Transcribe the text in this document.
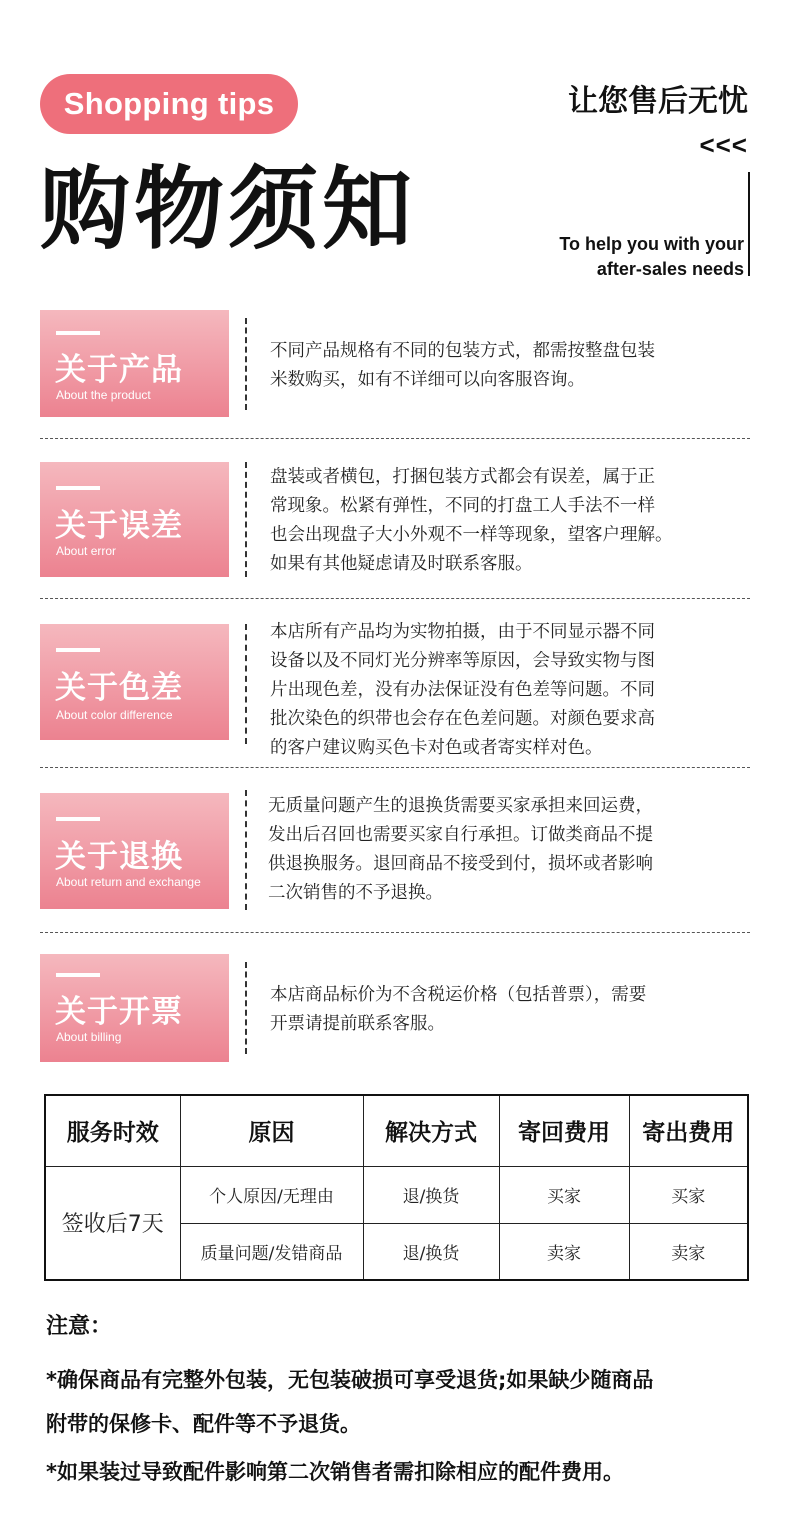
Shopping tips
购物须知
让您售后无忧
<<<
To help you with your
after-sales needs
关于产品
About the product
不同产品规格有不同的包装方式，都需按整盘包装
米数购买，如有不详细可以向客服咨询。
关于误差
About error
盘装或者横包，打捆包装方式都会有误差，属于正
常现象。松紧有弹性，不同的打盘工人手法不一样
也会出现盘子大小外观不一样等现象，望客户理解。
如果有其他疑虑请及时联系客服。
关于色差
About color difference
本店所有产品均为实物拍摄，由于不同显示器不同
设备以及不同灯光分辨率等原因，会导致实物与图
片出现色差，没有办法保证没有色差等问题。不同
批次染色的织带也会存在色差问题。对颜色要求高
的客户建议购买色卡对色或者寄实样对色。
关于退换
About return and exchange
无质量问题产生的退换货需要买家承担来回运费，
发出后召回也需要买家自行承担。订做类商品不提
供退换服务。退回商品不接受到付，损坏或者影响
二次销售的不予退换。
关于开票
About billing
本店商品标价为不含税运价格（包括普票），需要
开票请提前联系客服。
服务时效	原因	解决方式	寄回费用	寄出费用
签收后7天	个人原因/无理由	退/换货	买家	买家
	质量问题/发错商品	退/换货	卖家	卖家
注意：
*确保商品有完整外包装，无包装破损可享受退货;如果缺少随商品
附带的保修卡、配件等不予退货。
*如果装过导致配件影响第二次销售者需扣除相应的配件费用。
